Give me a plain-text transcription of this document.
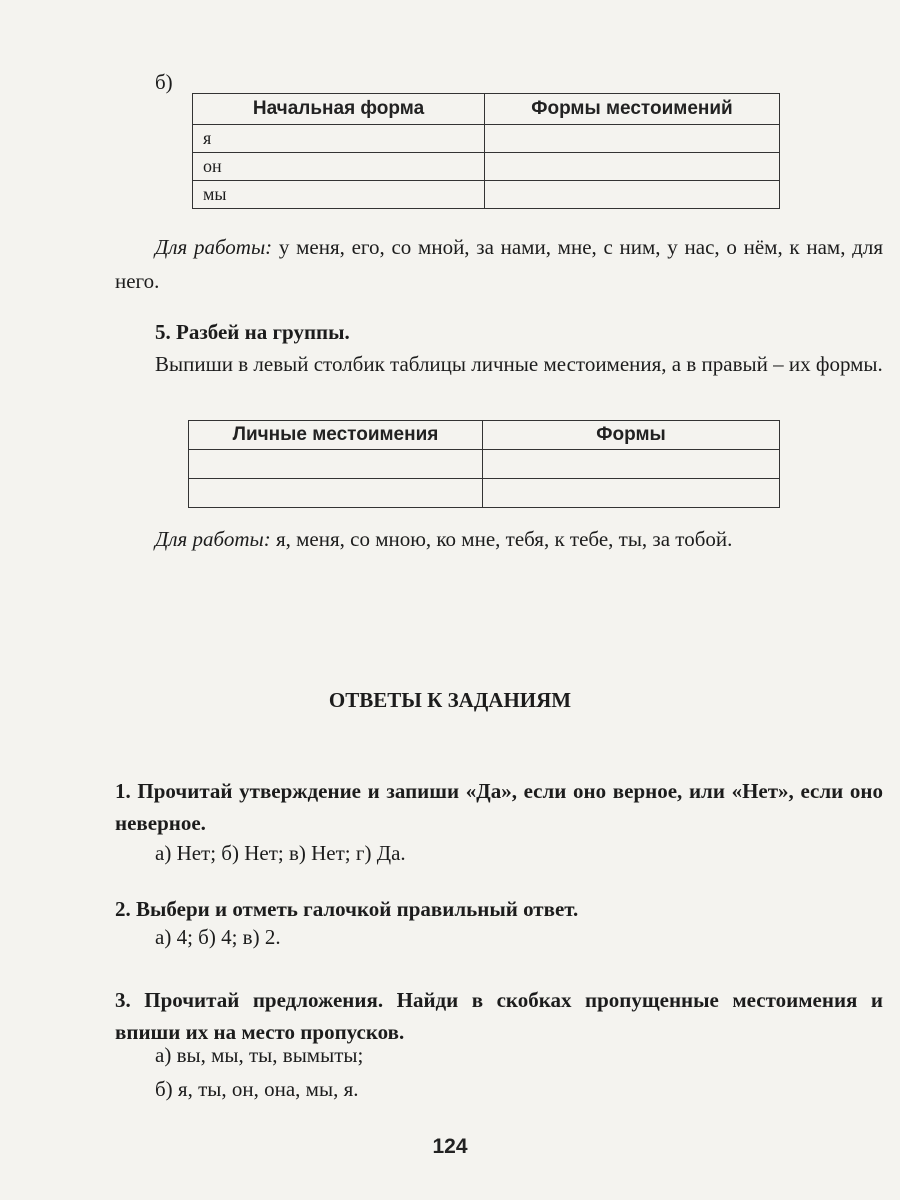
б)
Начальная форма	Формы местоимений
я	
он	
мы	

Для работы: у меня, его, со мной, за нами, мне, с ним, у нас, о нём, к нам, для него.

5. Разбей на группы.

Выпиши в левый столбик таблицы личные местоимения, а в правый – их формы.

Личные местоимения	Формы

Для работы: я, меня, со мною, ко мне, тебя, к тебе, ты, за тобой.

ОТВЕТЫ К ЗАДАНИЯМ

1. Прочитай утверждение и запиши «Да», если оно верное, или «Нет», если оно неверное.

а) Нет; б) Нет; в) Нет; г) Да.

2. Выбери и отметь галочкой правильный ответ.

а) 4; б) 4; в) 2.

3. Прочитай предложения. Найди в скобках пропущенные местоимения и впиши их на место пропусков.

а) вы, мы, ты, вымыты;

б) я, ты, он, она, мы, я.

124
